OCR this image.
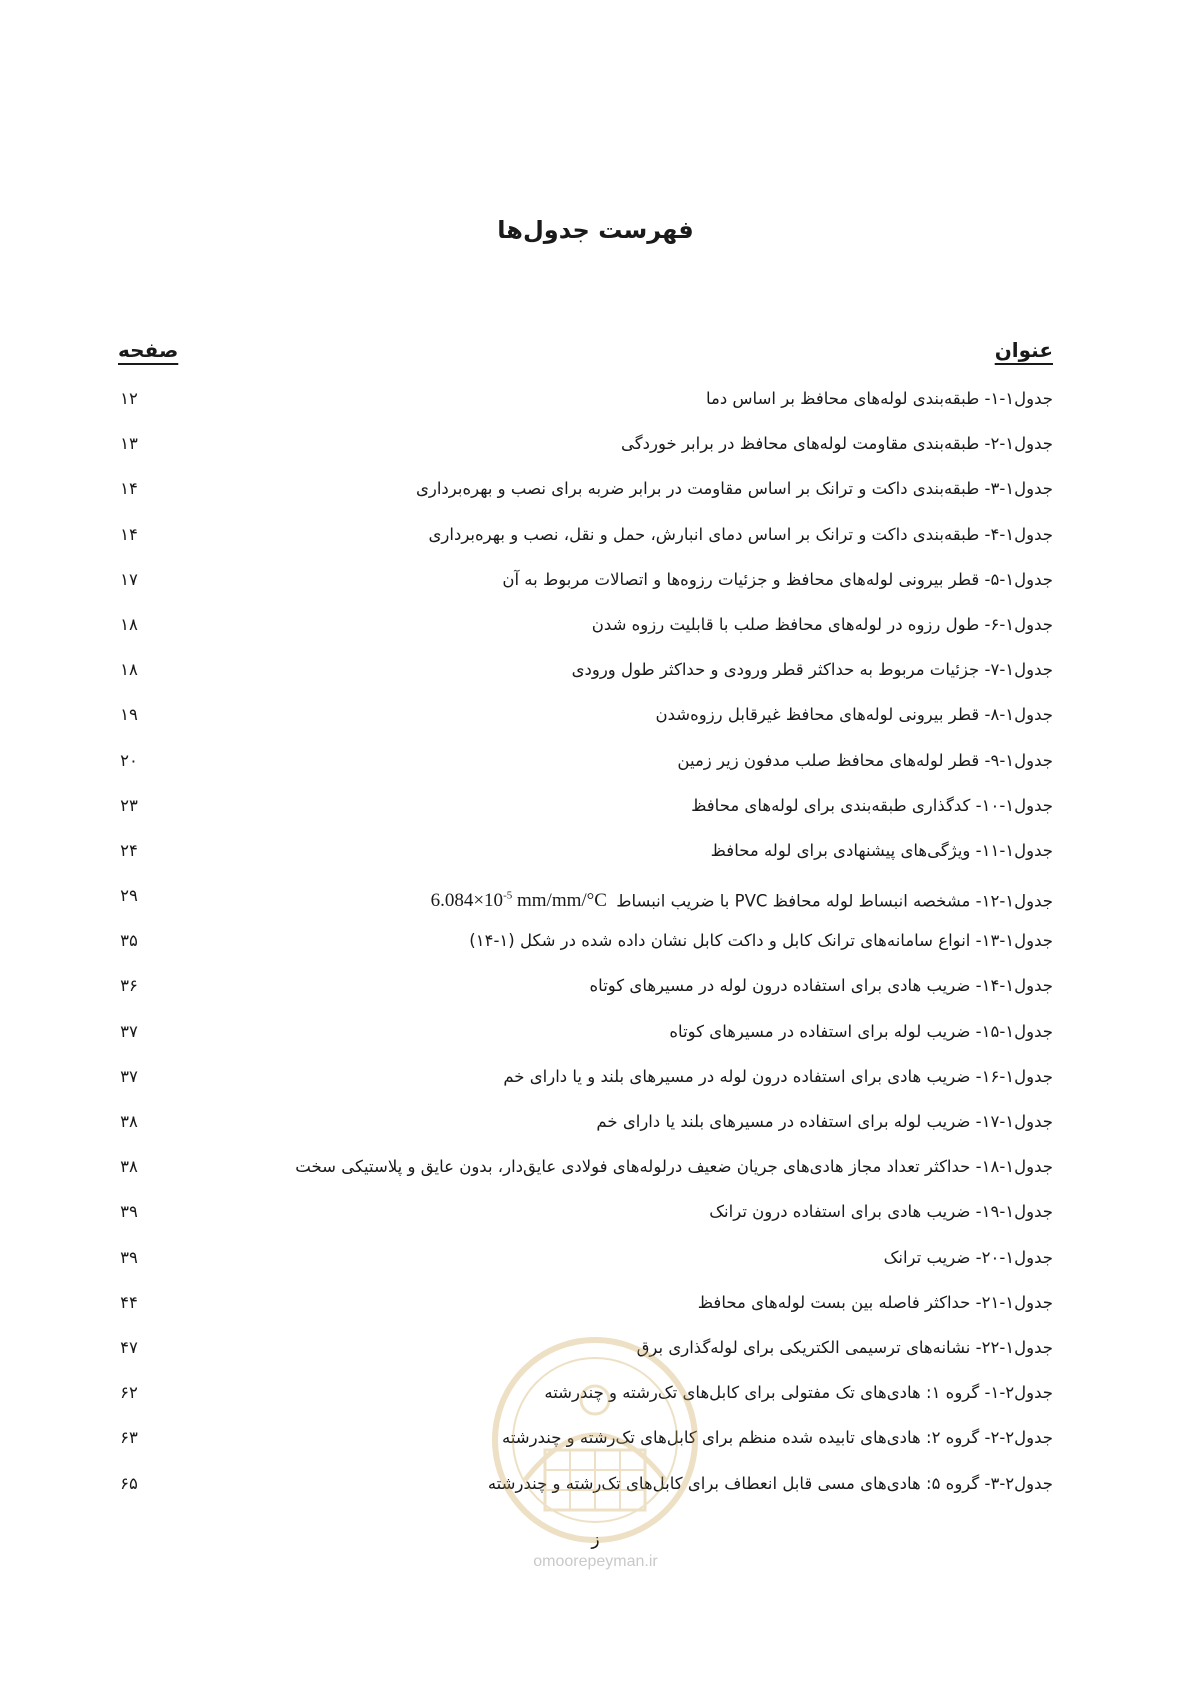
فهرست جدول‌ها
عنوان
صفحه
جدول۱-۱- طبقه‌بندی لوله‌های محافظ بر اساس دما
۱۲
جدول۱-۲- طبقه‌بندی مقاومت لوله‌های محافظ در برابر خوردگی
۱۳
جدول۱-۳- طبقه‌بندی داکت و ترانک بر اساس مقاومت در برابر ضربه برای نصب و بهره‌برداری
۱۴
جدول۱-۴- طبقه‌بندی داکت و ترانک بر اساس دمای انبارش، حمل و نقل، نصب و بهره‌برداری
۱۴
جدول۱-۵- قطر بیرونی لوله‌های محافظ و جزئیات رزوه‌ها و اتصالات مربوط به آن
۱۷
جدول۱-۶- طول رزوه در لوله‌های محافظ صلب با قابلیت رزوه شدن
۱۸
جدول۱-۷- جزئیات مربوط به حداکثر قطر ورودی و حداکثر طول ورودی
۱۸
جدول۱-۸- قطر بیرونی لوله‌های محافظ غیرقابل رزوه‌شدن
۱۹
جدول۱-۹- قطر لوله‌های محافظ صلب مدفون زیر زمین
۲۰
جدول۱-۱۰- کدگذاری طبقه‌بندی برای لوله‌های محافظ
۲۳
جدول۱-۱۱- ویژگی‌های پیشنهادی برای لوله محافظ
۲۴
جدول۱-۱۲- مشخصه انبساط لوله محافظ PVC با ضریب انبساط $6.084\times 10^{-5}$ mm/mm/°C
۲۹
جدول۱-۱۳- انواع سامانه‌های ترانک کابل و داکت کابل نشان داده شده در شکل (۱-۱۴)
۳۵
جدول۱-۱۴- ضریب هادی برای استفاده درون لوله در مسیرهای کوتاه
۳۶
جدول۱-۱۵- ضریب لوله برای استفاده در مسیرهای کوتاه
۳۷
جدول۱-۱۶- ضریب هادی برای استفاده درون لوله در مسیرهای بلند و یا دارای خم
۳۷
جدول۱-۱۷- ضریب لوله برای استفاده در مسیرهای بلند یا دارای خم
۳۸
جدول۱-۱۸- حداکثر تعداد مجاز هادی‌های جریان ضعیف درلوله‌های فولادی عایق‌دار، بدون عایق و پلاستیکی سخت
۳۸
جدول۱-۱۹- ضریب هادی برای استفاده درون ترانک
۳۹
جدول۱-۲۰- ضریب ترانک
۳۹
جدول۱-۲۱- حداکثر فاصله بین بست لوله‌های محافظ
۴۴
جدول۱-۲۲- نشانه‌های ترسیمی الکتریکی برای لوله‌گذاری برق
۴۷
جدول۲-۱- گروه ۱: هادی‌های تک مفتولی برای کابل‌های تک‌رشته و چندرشته
۶۲
جدول۲-۲- گروه ۲: هادی‌های تابیده شده منظم برای کابل‌های تک‌رشته و چندرشته
۶۳
جدول۲-۳- گروه ۵: هادی‌های مسی قابل انعطاف برای کابل‌های تک‌رشته و چندرشته
۶۵
ز
omoorepeyman.ir
